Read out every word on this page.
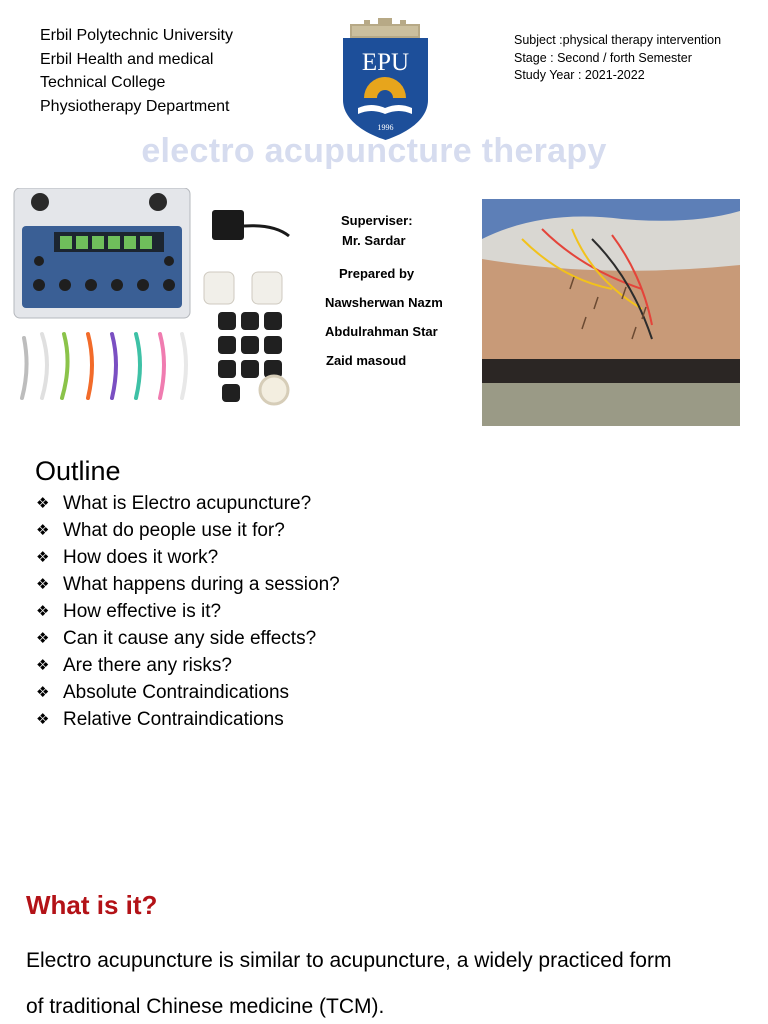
Erbil Polytechnic University
Erbil Health and medical
Technical College
Physiotherapy Department
EPU
1996
Subject :physical therapy intervention
Stage : Second / forth Semester
Study Year : 2021-2022
electro acupuncture therapy
Superviser:
Mr. Sardar
Prepared by
Nawsherwan Nazm
Abdulrahman Star
Zaid masoud
Outline
❖ What is Electro acupuncture?
❖ What do people use it for?
❖ How does it work?
❖ What happens during a session?
❖ How effective is it?
❖ Can it cause any side effects?
❖ Are there any risks?
❖ Absolute Contraindications
❖ Relative Contraindications
What is it?
Electro acupuncture is similar to acupuncture, a widely practiced form
of traditional Chinese medicine (TCM).
